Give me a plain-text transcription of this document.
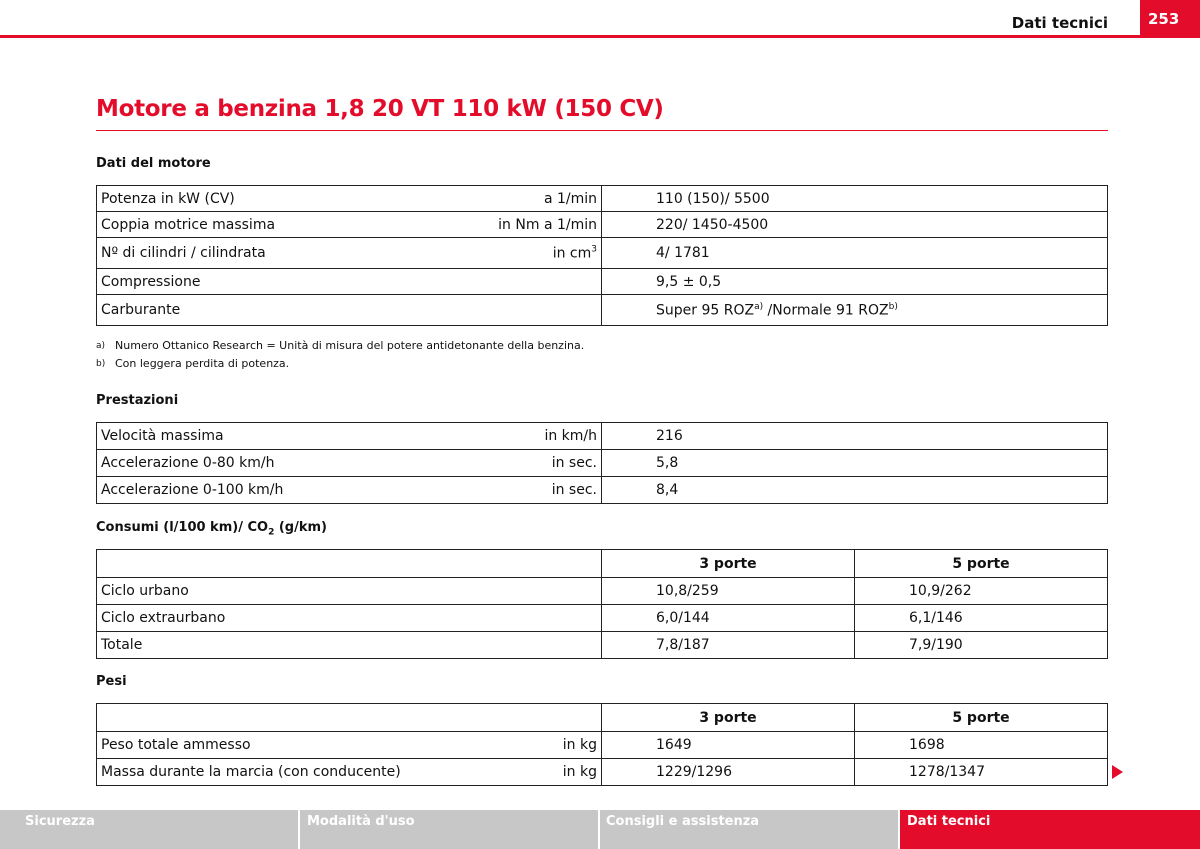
Dati tecnici	253
Motore a benzina 1,8 20 VT 110 kW (150 CV)

Dati del motore

Potenza in kW (CV) a 1/min	110 (150)/ 5500
Coppia motrice massima in Nm a 1/min	220/ 1450-4500
Nº di cilindri / cilindrata in $cm^3$	4/ 1781
Compressione	9,5 ± 0,5
Carburante	Super 95 ROZ$^{a)}$ /Normale 91 ROZ$^{b)}$
a) Numero Ottanico Research = Unità di misura del potere antidetonante della benzina.
b) Con leggera perdita di potenza.

Prestazioni

Velocità massima in km/h	216
Accelerazione 0-80 km/h in sec.	5,8
Accelerazione 0-100 km/h in sec.	8,4

Consumi (l/100 km)/ $CO_2$ (g/km)

	3 porte	5 porte
Ciclo urbano	10,8/259	10,9/262
Ciclo extraurbano	6,0/144	6,1/146
Totale	7,8/187	7,9/190

Pesi

	3 porte	5 porte
Peso totale ammesso in kg	1649	1698
Massa durante la marcia (con conducente) in kg	1229/1296	1278/1347
Sicurezza	Modalità d'uso	Consigli e assistenza	Dati tecnici
